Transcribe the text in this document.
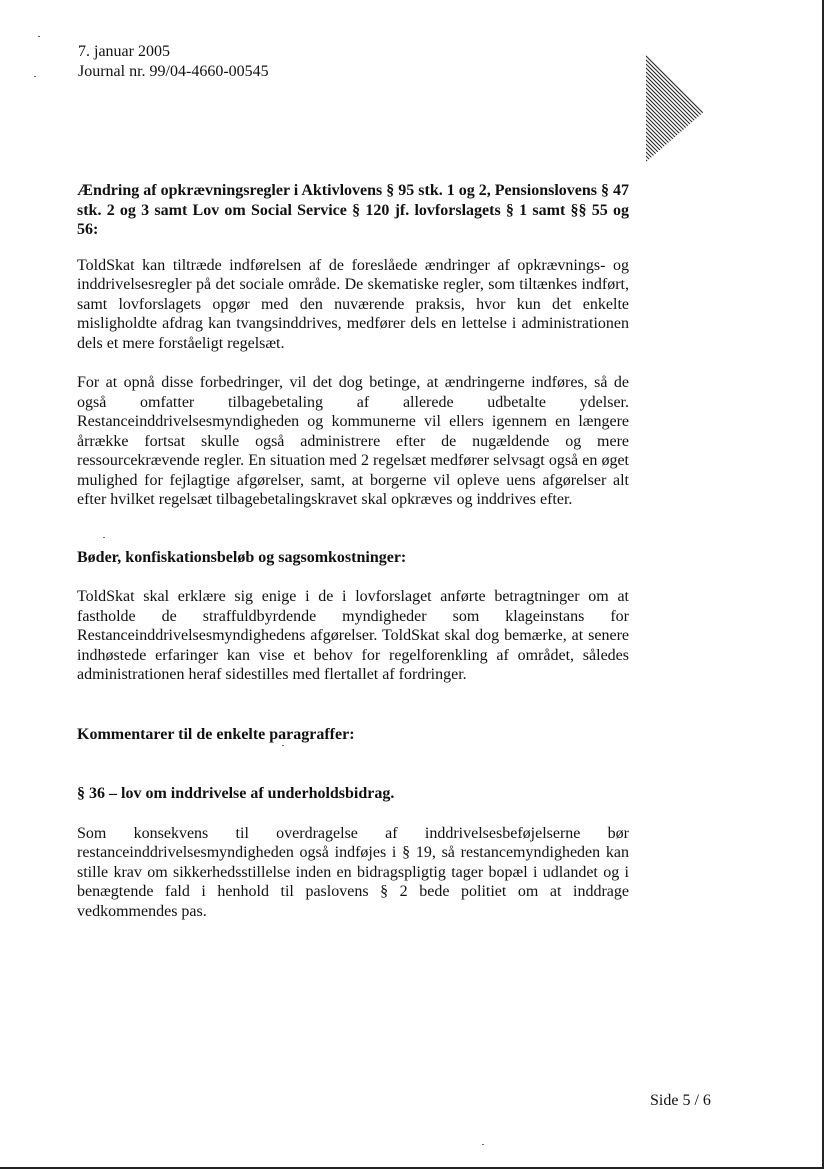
7. januar 2005
Journal nr. 99/04-4660-00545
Ændring af opkrævningsregler i Aktivlovens § 95 stk. 1 og 2, Pensionslovens § 47 stk. 2 og 3 samt Lov om Social Service § 120 jf. lovforslagets § 1 samt §§ 55 og 56:

ToldSkat kan tiltræde indførelsen af de foreslåede ændringer af opkrævnings- og inddrivelsesregler på det sociale område. De skematiske regler, som tiltænkes indført, samt lovforslagets opgør med den nuværende praksis, hvor kun det enkelte misligholdte afdrag kan tvangsinddrives, medfører dels en lettelse i administrationen dels et mere forståeligt regelsæt.

For at opnå disse forbedringer, vil det dog betinge, at ændringerne indføres, så de også omfatter tilbagebetaling af allerede udbetalte ydelser. Restanceinddrivelsesmyndigheden og kommunerne vil ellers igennem en længere årrække fortsat skulle også administrere efter de nugældende og mere ressourcekrævende regler. En situation med 2 regelsæt medfører selvsagt også en øget mulighed for fejlagtige afgørelser, samt, at borgerne vil opleve uens afgørelser alt efter hvilket regelsæt tilbagebetalingskravet skal opkræves og inddrives efter.

Bøder, konfiskationsbeløb og sagsomkostninger:

ToldSkat skal erklære sig enige i de i lovforslaget anførte betragtninger om at fastholde de straffuldbyrdende myndigheder som klageinstans for Restanceinddrivelsesmyndighedens afgørelser. ToldSkat skal dog bemærke, at senere indhøstede erfaringer kan vise et behov for regelforenkling af området, således administrationen heraf sidestilles med flertallet af fordringer.

Kommentarer til de enkelte paragraffer:
§ 36 – lov om inddrivelse af underholdsbidrag.

Som konsekvens til overdragelse af inddrivelsesbeføjelserne bør restanceinddrivelsesmyndigheden også indføjes i § 19, så restancemyndigheden kan stille krav om sikkerhedsstillelse inden en bidragspligtig tager bopæl i udlandet og i benægtende fald i henhold til paslovens § 2 bede politiet om at inddrage vedkommendes pas.

Side 5 / 6
